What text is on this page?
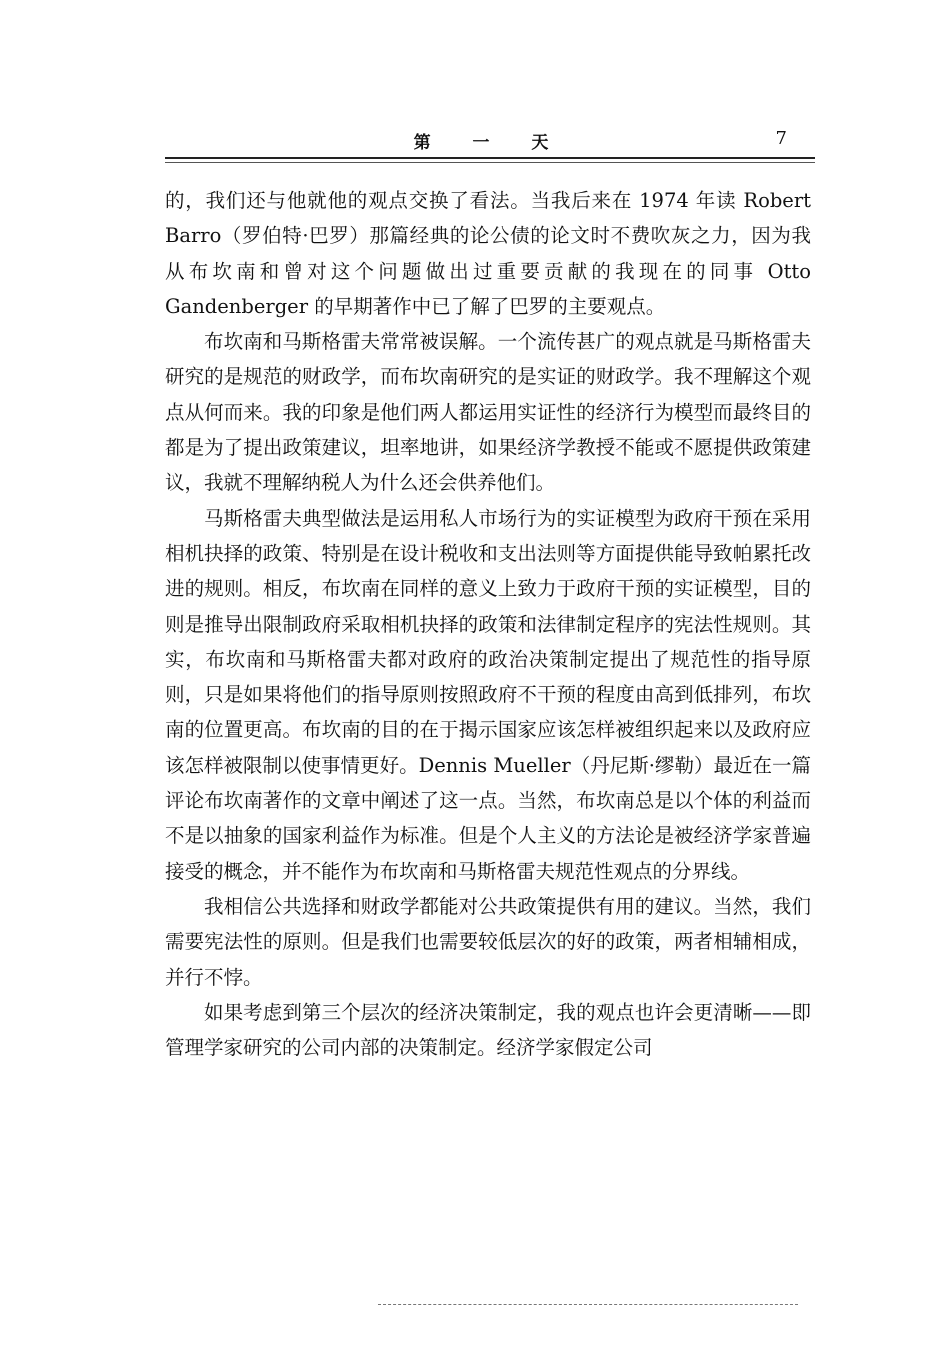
第 一 天	7

的，我们还与他就他的观点交换了看法。当我后来在 1974 年读 Robert Barro（罗伯特·巴罗）那篇经典的论公债的论文时不费吹灰之力，因为我从布坎南和曾对这个问题做出过重要贡献的我现在的同事 Otto Gandenberger 的早期著作中已了解了巴罗的主要观点。

布坎南和马斯格雷夫常常被误解。一个流传甚广的观点就是马斯格雷夫研究的是规范的财政学，而布坎南研究的是实证的财政学。我不理解这个观点从何而来。我的印象是他们两人都运用实证性的经济行为模型而最终目的都是为了提出政策建议，坦率地讲，如果经济学教授不能或不愿提供政策建议，我就不理解纳税人为什么还会供养他们。

马斯格雷夫典型做法是运用私人市场行为的实证模型为政府干预在采用相机抉择的政策、特别是在设计税收和支出法则等方面提供能导致帕累托改进的规则。相反，布坎南在同样的意义上致力于政府干预的实证模型，目的则是推导出限制政府采取相机抉择的政策和法律制定程序的宪法性规则。其实，布坎南和马斯格雷夫都对政府的政治决策制定提出了规范性的指导原则，只是如果将他们的指导原则按照政府不干预的程度由高到低排列，布坎南的位置更高。布坎南的目的在于揭示国家应该怎样被组织起来以及政府应该怎样被限制以使事情更好。Dennis Mueller（丹尼斯·缪勒）最近在一篇评论布坎南著作的文章中阐述了这一点。当然，布坎南总是以个体的利益而不是以抽象的国家利益作为标准。但是个人主义的方法论是被经济学家普遍接受的概念，并不能作为布坎南和马斯格雷夫规范性观点的分界线。

我相信公共选择和财政学都能对公共政策提供有用的建议。当然，我们需要宪法性的原则。但是我们也需要较低层次的好的政策，两者相辅相成，并行不悖。

如果考虑到第三个层次的经济决策制定，我的观点也许会更清晰——即管理学家研究的公司内部的决策制定。经济学家假定公司
